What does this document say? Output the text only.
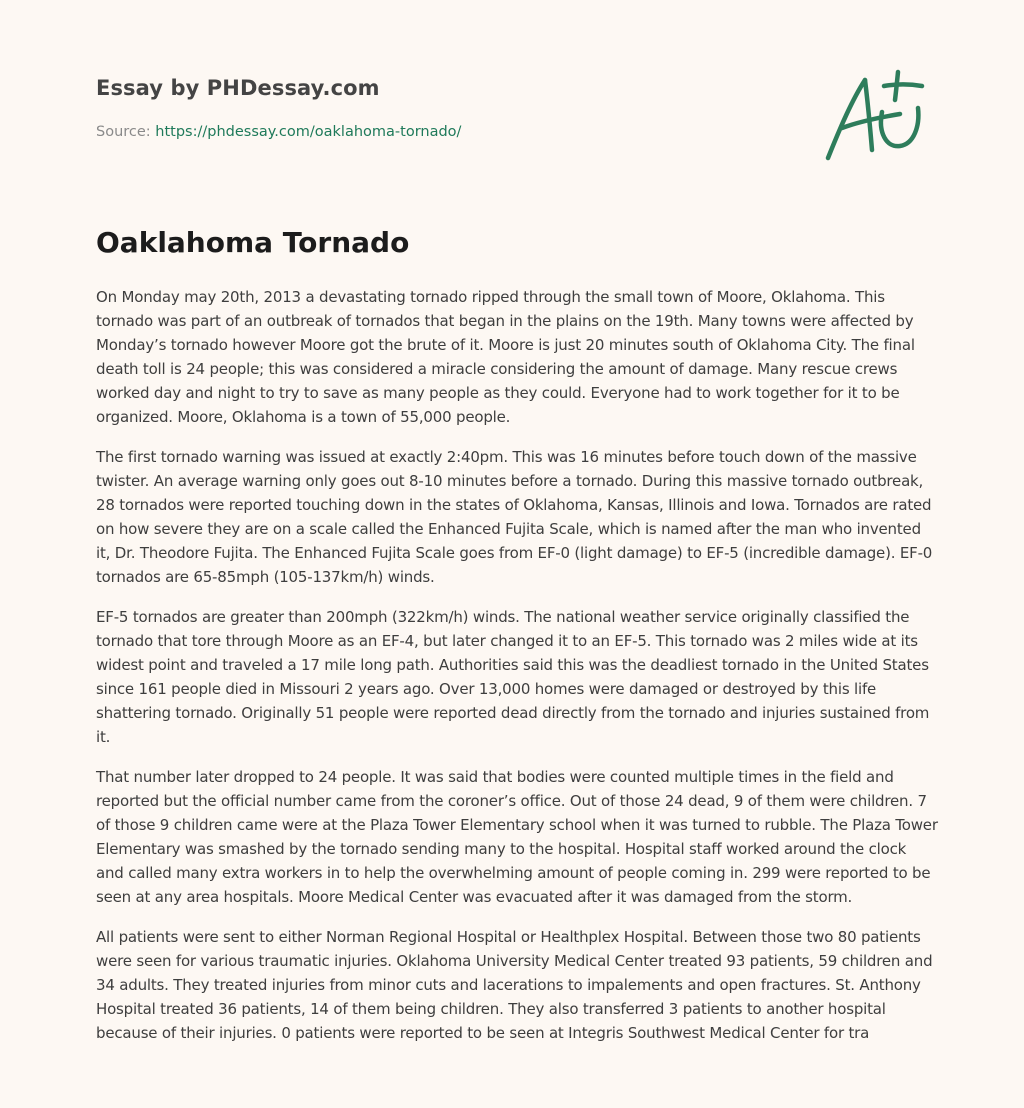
Essay by PHDessay.com

Source: https://phdessay.com/oaklahoma-tornado/

Oaklahoma Tornado

On Monday may 20th, 2013 a devastating tornado ripped through the small town of Moore, Oklahoma. This tornado was part of an outbreak of tornados that began in the plains on the 19th. Many towns were affected by Monday’s tornado however Moore got the brute of it. Moore is just 20 minutes south of Oklahoma City. The final death toll is 24 people; this was considered a miracle considering the amount of damage. Many rescue crews worked day and night to try to save as many people as they could. Everyone had to work together for it to be organized. Moore, Oklahoma is a town of 55,000 people.

The first tornado warning was issued at exactly 2:40pm. This was 16 minutes before touch down of the massive twister. An average warning only goes out 8-10 minutes before a tornado. During this massive tornado outbreak, 28 tornados were reported touching down in the states of Oklahoma, Kansas, Illinois and Iowa. Tornados are rated on how severe they are on a scale called the Enhanced Fujita Scale, which is named after the man who invented it, Dr. Theodore Fujita. The Enhanced Fujita Scale goes from EF-0 (light damage) to EF-5 (incredible damage). EF-0 tornados are 65-85mph (105-137km/h) winds.

EF-5 tornados are greater than 200mph (322km/h) winds. The national weather service originally classified the tornado that tore through Moore as an EF-4, but later changed it to an EF-5. This tornado was 2 miles wide at its widest point and traveled a 17 mile long path. Authorities said this was the deadliest tornado in the United States since 161 people died in Missouri 2 years ago. Over 13,000 homes were damaged or destroyed by this life shattering tornado. Originally 51 people were reported dead directly from the tornado and injuries sustained from it.

That number later dropped to 24 people. It was said that bodies were counted multiple times in the field and reported but the official number came from the coroner’s office. Out of those 24 dead, 9 of them were children. 7 of those 9 children came were at the Plaza Tower Elementary school when it was turned to rubble. The Plaza Tower Elementary was smashed by the tornado sending many to the hospital. Hospital staff worked around the clock and called many extra workers in to help the overwhelming amount of people coming in. 299 were reported to be seen at any area hospitals. Moore Medical Center was evacuated after it was damaged from the storm.

All patients were sent to either Norman Regional Hospital or Healthplex Hospital. Between those two 80 patients were seen for various traumatic injuries. Oklahoma University Medical Center treated 93 patients, 59 children and 34 adults. They treated injuries from minor cuts and lacerations to impalements and open fractures. St. Anthony Hospital treated 36 patients, 14 of them being children. They also transferred 3 patients to another hospital because of their injuries. 0 patients were reported to be seen at Integris Southwest Medical Center for tra
